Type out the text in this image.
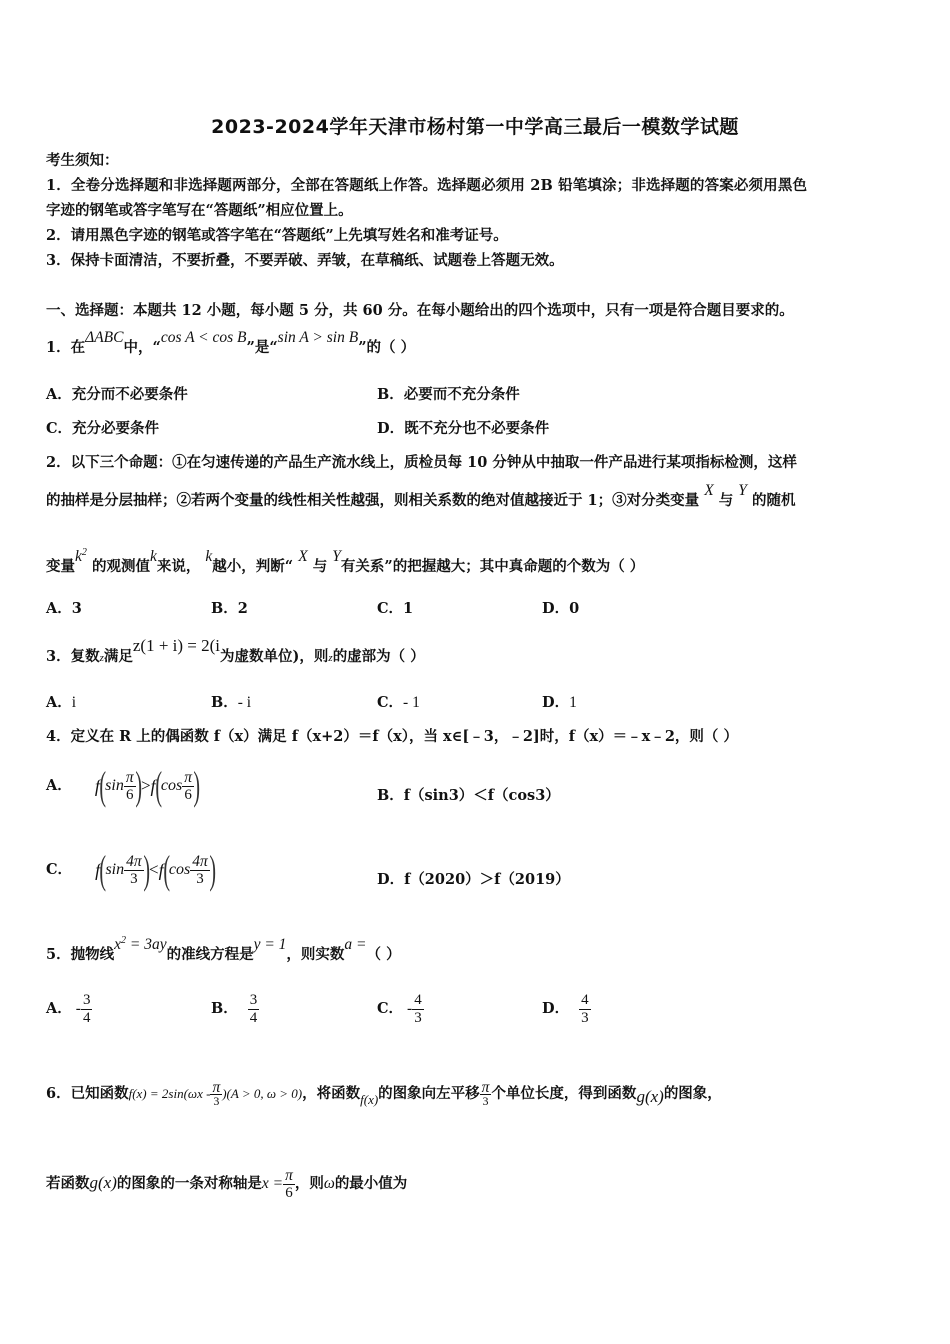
2023-2024学年天津市杨村第一中学高三最后一模数学试题
考生须知：
1．全卷分选择题和非选择题两部分，全部在答题纸上作答。选择题必须用 2B 铅笔填涂；非选择题的答案必须用黑色
字迹的钢笔或答字笔写在“答题纸”相应位置上。
2．请用黑色字迹的钢笔或答字笔在“答题纸”上先填写姓名和准考证号。
3．保持卡面清洁，不要折叠，不要弄破、弄皱，在草稿纸、试题卷上答题无效。
一、选择题：本题共 12 小题，每小题 5 分，共 60 分。在每小题给出的四个选项中，只有一项是符合题目要求的。
1．在ΔABC中，“cos A < cos B”是“sin A > sin B”的（ ）
A．充分而不必要条件	B．必要而不充分条件
C．充分必要条件	D．既不充分也不必要条件
2．以下三个命题：①在匀速传递的产品生产流水线上，质检员每 10 分钟从中抽取一件产品进行某项指标检测，这样
的抽样是分层抽样；②若两个变量的线性相关性越强，则相关系数的绝对值越接近于 1；③对分类变量 X 与 Y 的随机
变量$k^2$ 的观测值k来说， k越小，判断“ X 与 Y有关系”的把握越大；其中真命题的个数为（ ）
A．3	B．2	C．1	D．0
3．复数z满足z(1 + i) = 2(i为虚数单位)，则z的虚部为（ ）
A．i	B．- i	C．- 1	D．1
4．定义在 R 上的偶函数 f（x）满足 f（x+2）＝f（x），当 x∈[﹣3，﹣2]时，f（x）＝﹣x﹣2，则（ ）
A． $f(\sin \frac{\pi}{6} )>f(\cos \frac{\pi}{6}$ )	B．f（sin3）＜f（cos3）
C． $f(\sin \frac{4\pi}{3} )<f(\cos \frac{4\pi}{3}$ )	D．f（2020）＞f（2019）
5．抛物线$x^2 = 3ay$的准线方程是y = 1，则实数a =（ ）
A． - $\frac{3}{4}$	B． $\frac{3}{4}$	C． - $\frac{4}{3}$	D． $\frac{4}{3}$
6．已知函数$f(x) = 2\sin(\omega x - \frac{\pi}{3} )(A > 0$, ω > 0)，将函数f(x)的图象向左平移 $\frac{\pi}{3}$ 个单位长度，得到函数g(x)的图象，
若函数g(x)的图象的一条对称轴是$x = \frac{\pi}{6}$ ，则ω的最小值为
